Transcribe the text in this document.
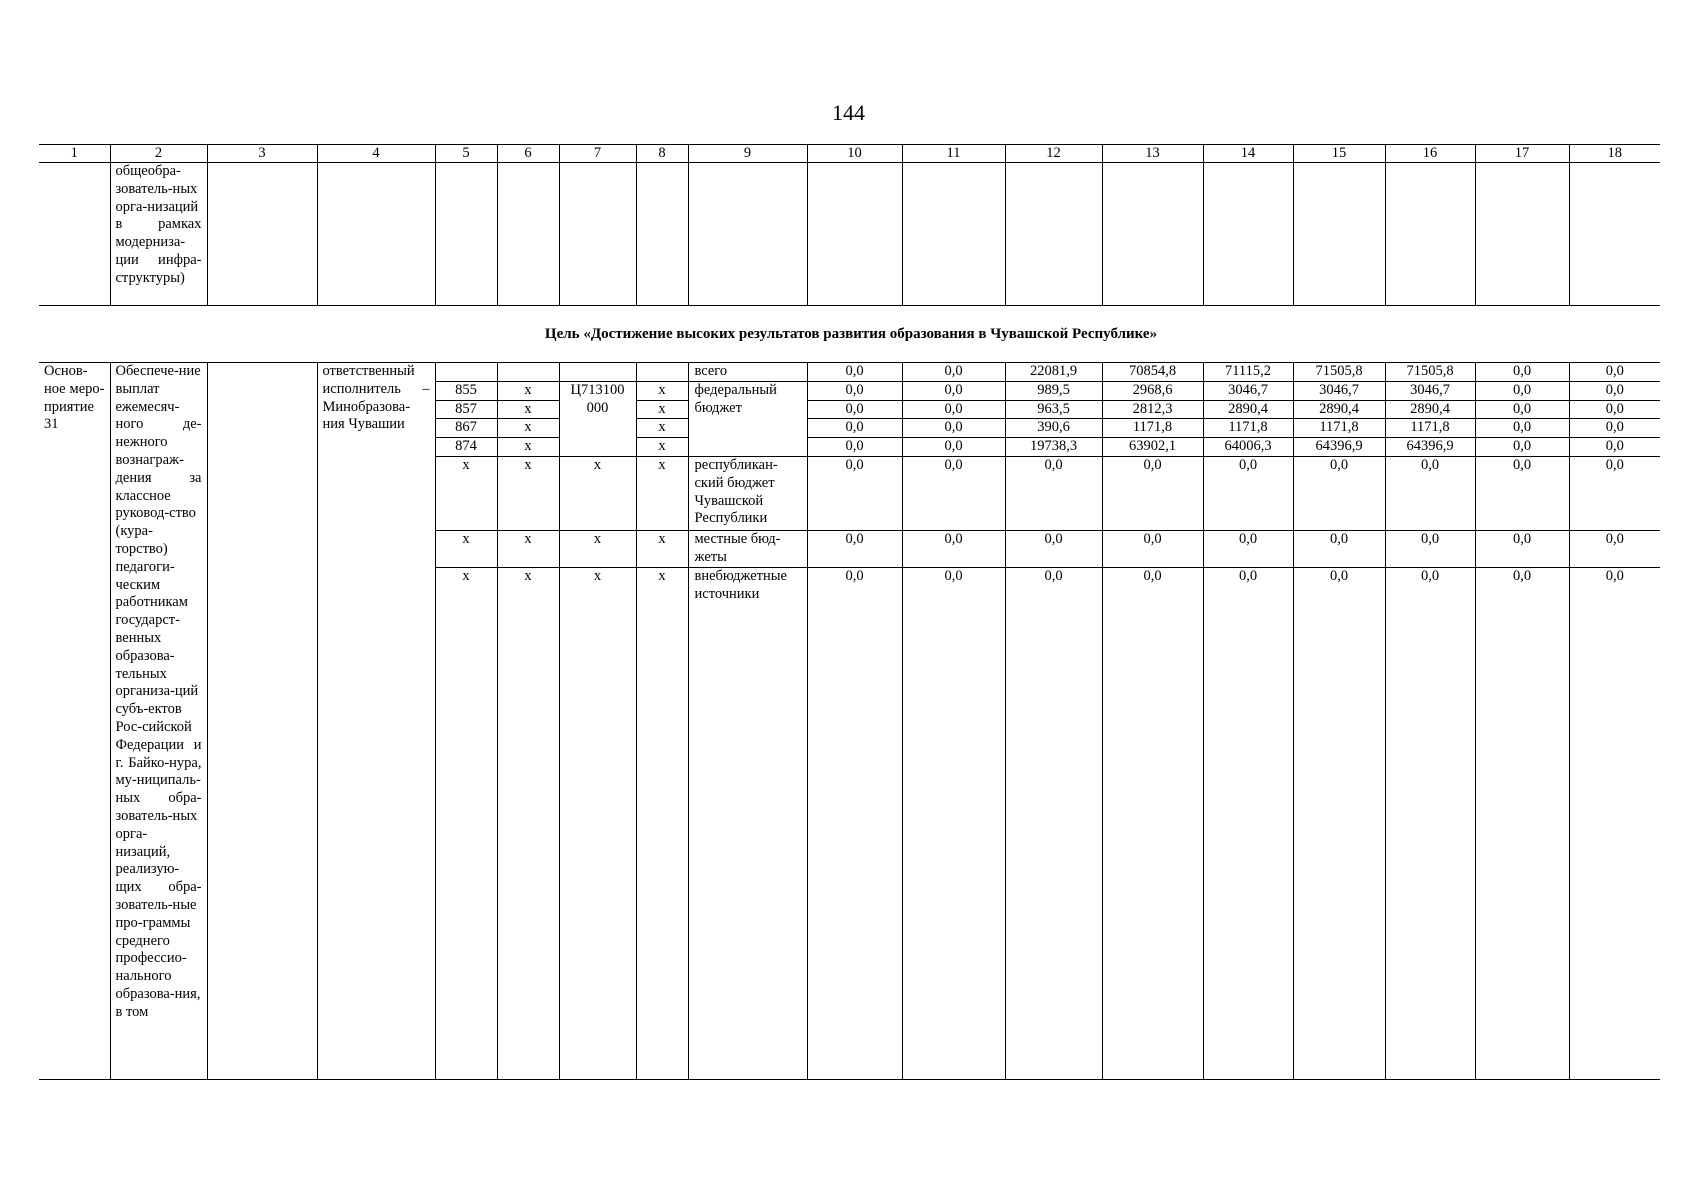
144
1	2	3	4	5	6	7	8	9	10	11	12	13	14	15	16	17	18
	общеобра-зователь-ных орга-низаций в рамках модерниза-ции инфра-структуры)																
Цель «Достижение высоких результатов развития образования в Чувашской Республике»
Основ-ное меро-приятие 31	Обеспече-ние выплат ежемесяч-ного де-нежного вознаграж-дения за классное руковод-ство (кура-торство) педагоги-ческим работникам государст-венных образова-тельных организа-ций субъ-ектов Рос-сийской Федерации и г. Байко-нура, му-ниципаль-ных обра-зователь-ных орга-низаций, реализую-щих обра-зователь-ные про-граммы среднего профессио-нального образова-ния, в том		ответственный исполнитель – Минобразова-ния Чувашии					всего	0,0	0,0	22081,9	70854,8	71115,2	71505,8	71505,8	0,0	0,0
				855	x	Ц713100 000	x	федеральный бюджет	0,0	0,0	989,5	2968,6	3046,7	3046,7	3046,7	0,0	0,0
				857	x		x		0,0	0,0	963,5	2812,3	2890,4	2890,4	2890,4	0,0	0,0
				867	x		x		0,0	0,0	390,6	1171,8	1171,8	1171,8	1171,8	0,0	0,0
				874	x		x		0,0	0,0	19738,3	63902,1	64006,3	64396,9	64396,9	0,0	0,0
				x	x	x	x	республикан-ский бюджет Чувашской Республики	0,0	0,0	0,0	0,0	0,0	0,0	0,0	0,0	0,0
				x	x	x	x	местные бюд-жеты	0,0	0,0	0,0	0,0	0,0	0,0	0,0	0,0	0,0
				x	x	x	x	внебюджетные источники	0,0	0,0	0,0	0,0	0,0	0,0	0,0	0,0	0,0
